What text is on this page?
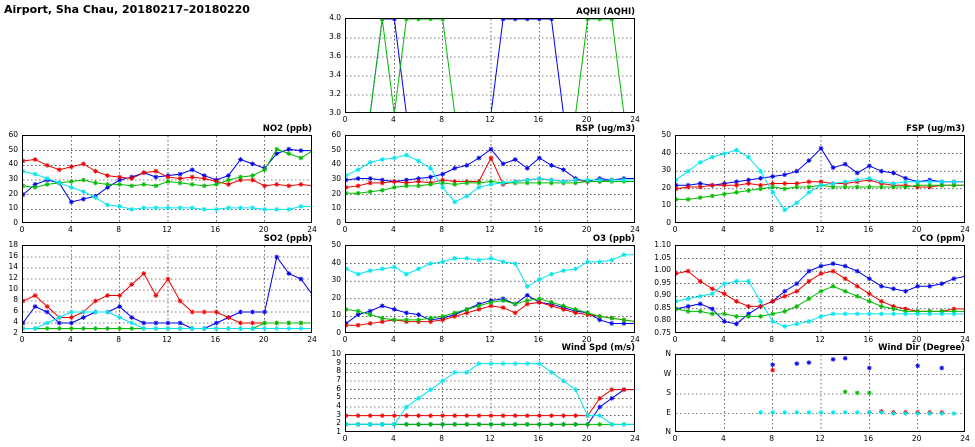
Airport, Sha Chau, 20180217–20180220	AQHI (AQHI)
3.0
3.2
3.4
3.6
3.8
4.0
0	4	8	12	16	20	24
NO2 (ppb)
0
10
20
30
40
50
60
0	4	8	12	16	20	24
RSP (ug/m3)
0
10
20
30
40
50
60
0	4	8	12	16	20	24
FSP (ug/m3)
0
10
20
30
40
50
0	4	8	12	16	20	24
SO2 (ppb)
2
4
6
8
10
12
14
16
18
0	4	8	12	16	20	24
O3 (ppb)
0
10
20
30
40
50
0	4	8	12	16	20	24
CO (ppm)
0.75
0.80
0.85
0.90
0.95
1.00
1.05
1.10
0	4	8	12	16	20	24
Wind Spd (m/s)
1
2
3
4
5
6
7
8
9
10
0	4	8	12	16	20	24
Wind Dir (Degree)
N
W
S
E
N
0	4	8	12	16	20	24
